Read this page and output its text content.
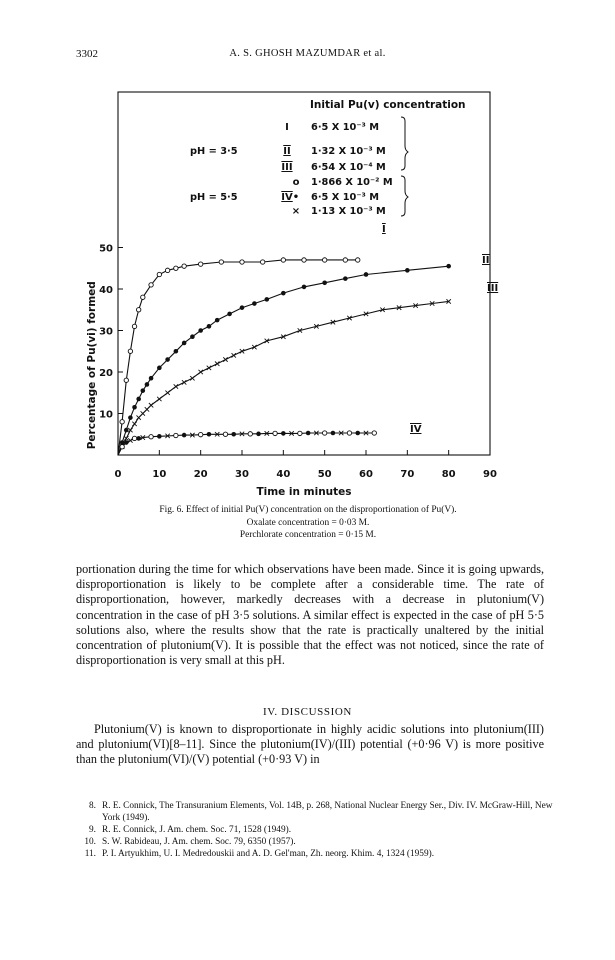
3302	A. S. GHOSH MAZUMDAR et al.
0	10	20	30	40	50	60	70	80	90
10
20
30
40
50
Time in minutes
Percentage of Pu(vi) formed
I
II
III
IV
Initial Pu(v) concentration
I 6·5 X 10⁻³ M
pH = 3·5	II 1·32 X 10⁻³ M
III 6·54 X 10⁻⁴ M
o 1·866 X 10⁻² M
pH = 5·5	IV • 6·5 X 10⁻³ M
× 1·13 X 10⁻³ M
Fig. 6. Effect of initial Pu(V) concentration on the disproportionation of Pu(V).
Oxalate concentration = 0·03 M.
Perchlorate concentration = 0·15 M.
portionation during the time for which observations have been made. Since it is going upwards, disproportionation is likely to be complete after a considerable time. The rate of disproportionation, however, markedly decreases with a decrease in plutonium(V) concentration in the case of pH 3·5 solutions. A similar effect is expected in the case of pH 5·5 solutions also, where the results show that the rate is practically unaltered by the initial concentration of plutonium(V). It is possible that the effect was not noticed, since the rate of disproportionation is very small at this pH.
IV. DISCUSSION
Plutonium(V) is known to disproportionate in highly acidic solutions into plutonium(III) and plutonium(VI)[8–11]. Since the plutonium(IV)/(III) potential (+0·96 V) is more positive than the plutonium(VI)/(V) potential (+0·93 V) in
8. R. E. Connick, The Transuranium Elements, Vol. 14B, p. 268, National Nuclear Energy Ser., Div. IV. McGraw-Hill, New York (1949).
9. R. E. Connick, J. Am. chem. Soc. 71, 1528 (1949).
10. S. W. Rabideau, J. Am. chem. Soc. 79, 6350 (1957).
11. P. I. Artyukhim, U. I. Medredouskii and A. D. Gel'man, Zh. neorg. Khim. 4, 1324 (1959).
